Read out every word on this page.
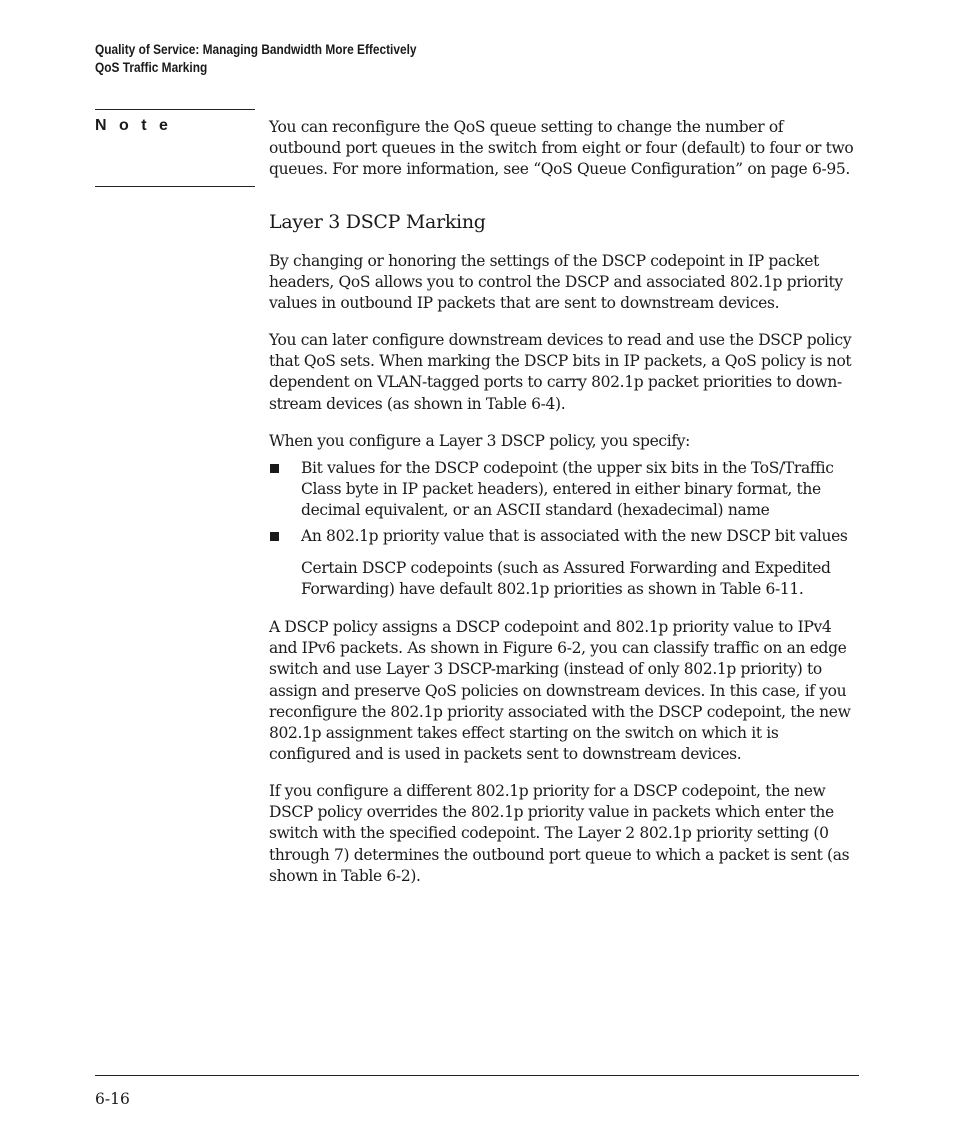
Quality of Service: Managing Bandwidth More Effectively
QoS Traffic Marking
N o t e	You can reconfigure the QoS queue setting to change the number of outbound port queues in the switch from eight or four (default) to four or two queues. For more information, see “QoS Queue Configuration” on page 6-95.

Layer 3 DSCP Marking

By changing or honoring the settings of the DSCP codepoint in IP packet headers, QoS allows you to control the DSCP and associated 802.1p priority values in outbound IP packets that are sent to downstream devices.

You can later configure downstream devices to read and use the DSCP policy that QoS sets. When marking the DSCP bits in IP packets, a QoS policy is not dependent on VLAN-tagged ports to carry 802.1p packet priorities to down-stream devices (as shown in Table 6-4).

When you configure a Layer 3 DSCP policy, you specify:

Bit values for the DSCP codepoint (the upper six bits in the ToS/Traffic Class byte in IP packet headers), entered in either binary format, the decimal equivalent, or an ASCII standard (hexadecimal) name
An 802.1p priority value that is associated with the new DSCP bit values
Certain DSCP codepoints (such as Assured Forwarding and Expedited Forwarding) have default 802.1p priorities as shown in Table 6-11.

A DSCP policy assigns a DSCP codepoint and 802.1p priority value to IPv4 and IPv6 packets. As shown in Figure 6-2, you can classify traffic on an edge switch and use Layer 3 DSCP-marking (instead of only 802.1p priority) to assign and preserve QoS policies on downstream devices. In this case, if you reconfigure the 802.1p priority associated with the DSCP codepoint, the new 802.1p assignment takes effect starting on the switch on which it is configured and is used in packets sent to downstream devices.

If you configure a different 802.1p priority for a DSCP codepoint, the new DSCP policy overrides the 802.1p priority value in packets which enter the switch with the specified codepoint. The Layer 2 802.1p priority setting (0 through 7) determines the outbound port queue to which a packet is sent (as shown in Table 6-2).

6-16
